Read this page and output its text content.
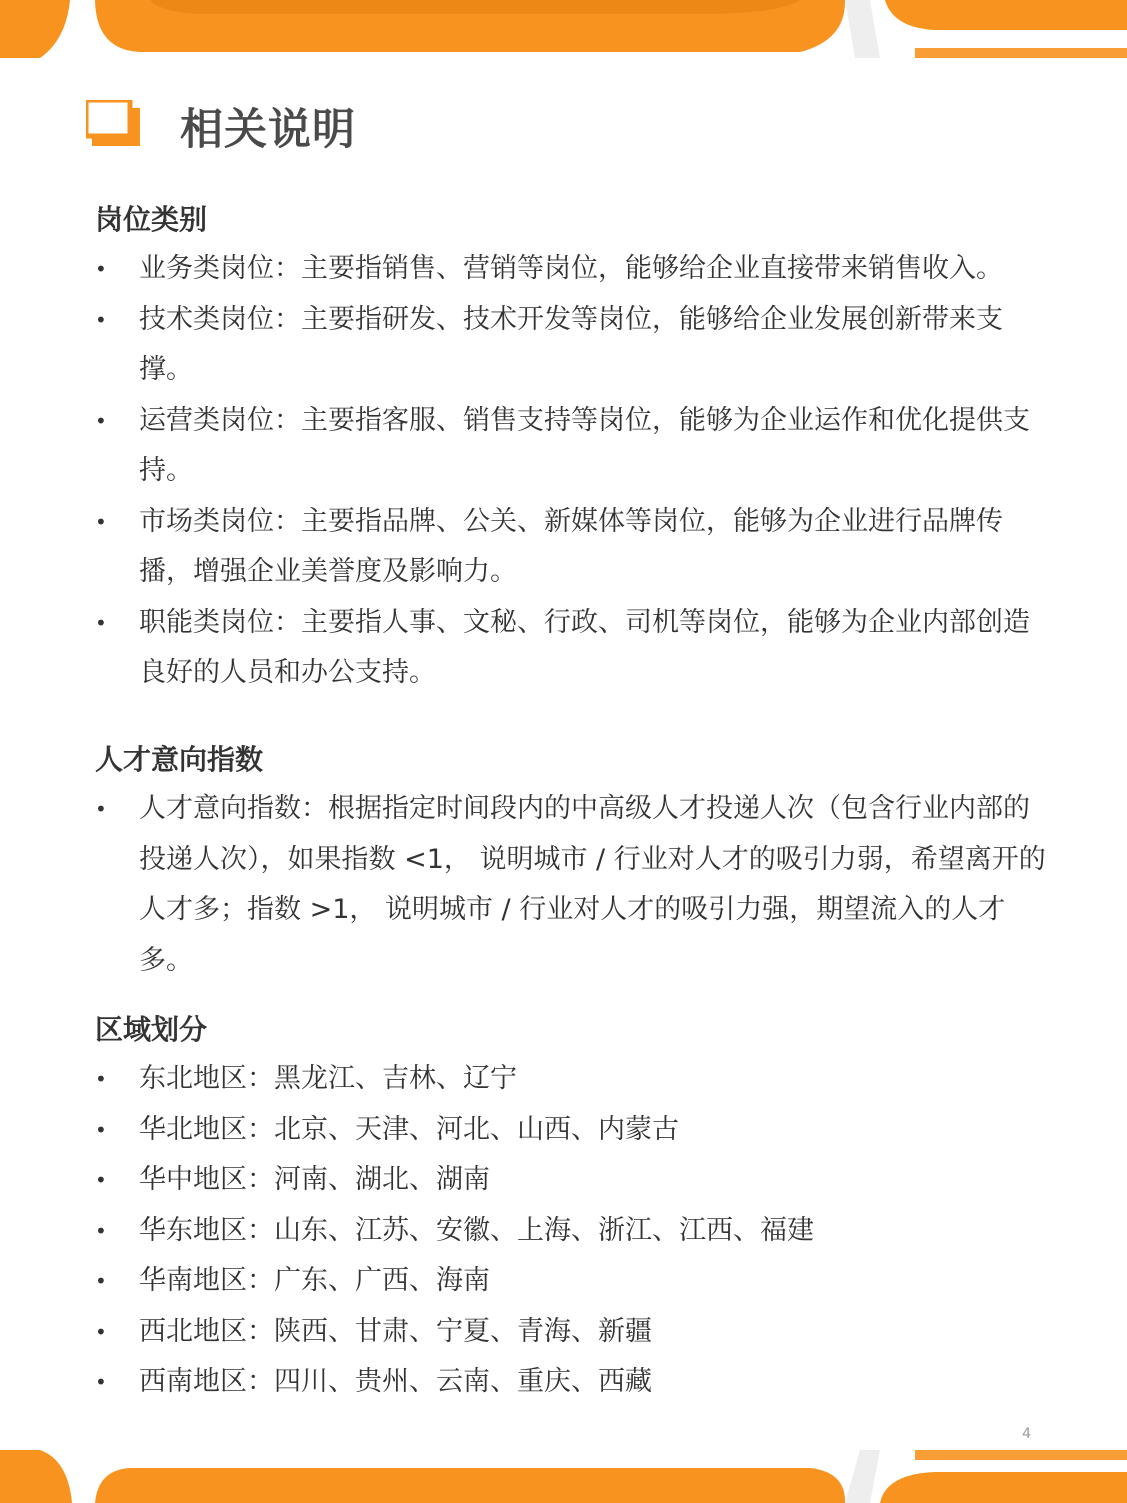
相关说明
岗位类别
• 业务类岗位：主要指销售、营销等岗位，能够给企业直接带来销售收入。
• 技术类岗位：主要指研发、技术开发等岗位，能够给企业发展创新带来支撑。
• 运营类岗位：主要指客服、销售支持等岗位，能够为企业运作和优化提供支持。
• 市场类岗位：主要指品牌、公关、新媒体等岗位，能够为企业进行品牌传播，增强企业美誉度及影响力。
• 职能类岗位：主要指人事、文秘、行政、司机等岗位，能够为企业内部创造良好的人员和办公支持。
人才意向指数
• 人才意向指数：根据指定时间段内的中高级人才投递人次（包含行业内部的投递人次），如果指数 <1， 说明城市 / 行业对人才的吸引力弱，希望离开的人才多；指数 >1， 说明城市 / 行业对人才的吸引力强，期望流入的人才多。
区域划分
• 东北地区：黑龙江、吉林、辽宁
• 华北地区：北京、天津、河北、山西、内蒙古
• 华中地区：河南、湖北、湖南
• 华东地区：山东、江苏、安徽、上海、浙江、江西、福建
• 华南地区：广东、广西、海南
• 西北地区：陕西、甘肃、宁夏、青海、新疆
• 西南地区：四川、贵州、云南、重庆、西藏
4
